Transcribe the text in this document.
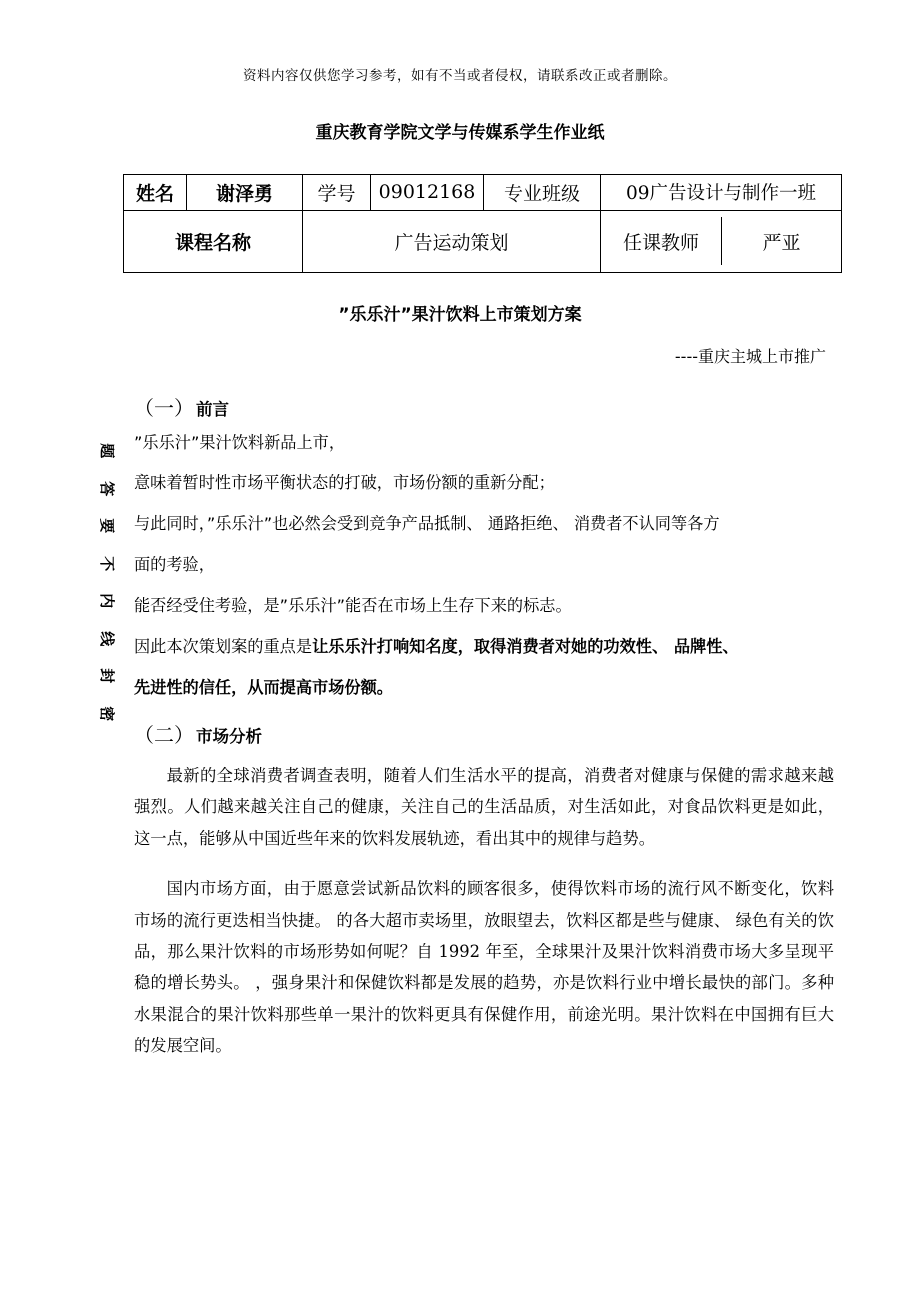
资料内容仅供您学习参考，如有不当或者侵权，请联系改正或者删除。
重庆教育学院文学与传媒系学生作业纸
姓名	谢泽勇	学号	09012168	专业班级	09广告设计与制作一班
课程名称		广告运动策划			任课教师 严亚
”乐乐汁”果汁饮料上市策划方案
----重庆主城上市推广
（一） 前言
”乐乐汁”果汁饮料新品上市，
意味着暂时性市场平衡状态的打破，市场份额的重新分配；
与此同时，”乐乐汁”也必然会受到竞争产品抵制、 通路拒绝、 消费者不认同等各方
面的考验，
能否经受住考验，是”乐乐汁”能否在市场上生存下来的标志。
因此本次策划案的重点是让乐乐汁打响知名度，取得消费者对她的功效性、 品牌性、
先进性的信任，从而提高市场份额。
（二） 市场分析

最新的全球消费者调查表明，随着人们生活水平的提高，消费者对健康与保健的需求越来越强烈。人们越来越关注自己的健康，关注自己的生活品质，对生活如此，对食品饮料更是如此，这一点，能够从中国近些年来的饮料发展轨迹，看出其中的规律与趋势。

国内市场方面，由于愿意尝试新品饮料的顾客很多，使得饮料市场的流行风不断变化，饮料市场的流行更迭相当快捷。 的各大超市卖场里，放眼望去，饮料区都是些与健康、 绿色有关的饮品，那么果汁饮料的市场形势如何呢？自 1992 年至，全球果汁及果汁饮料消费市场大多呈现平稳的增长势头。 ，强身果汁和保健饮料都是发展的趋势，亦是饮料行业中增长最快的部门。多种水果混合的果汁饮料那些单一果汁的饮料更具有保健作用，前途光明。果汁饮料在中国拥有巨大的发展空间。

题
答
要
不
内
线
封
密
